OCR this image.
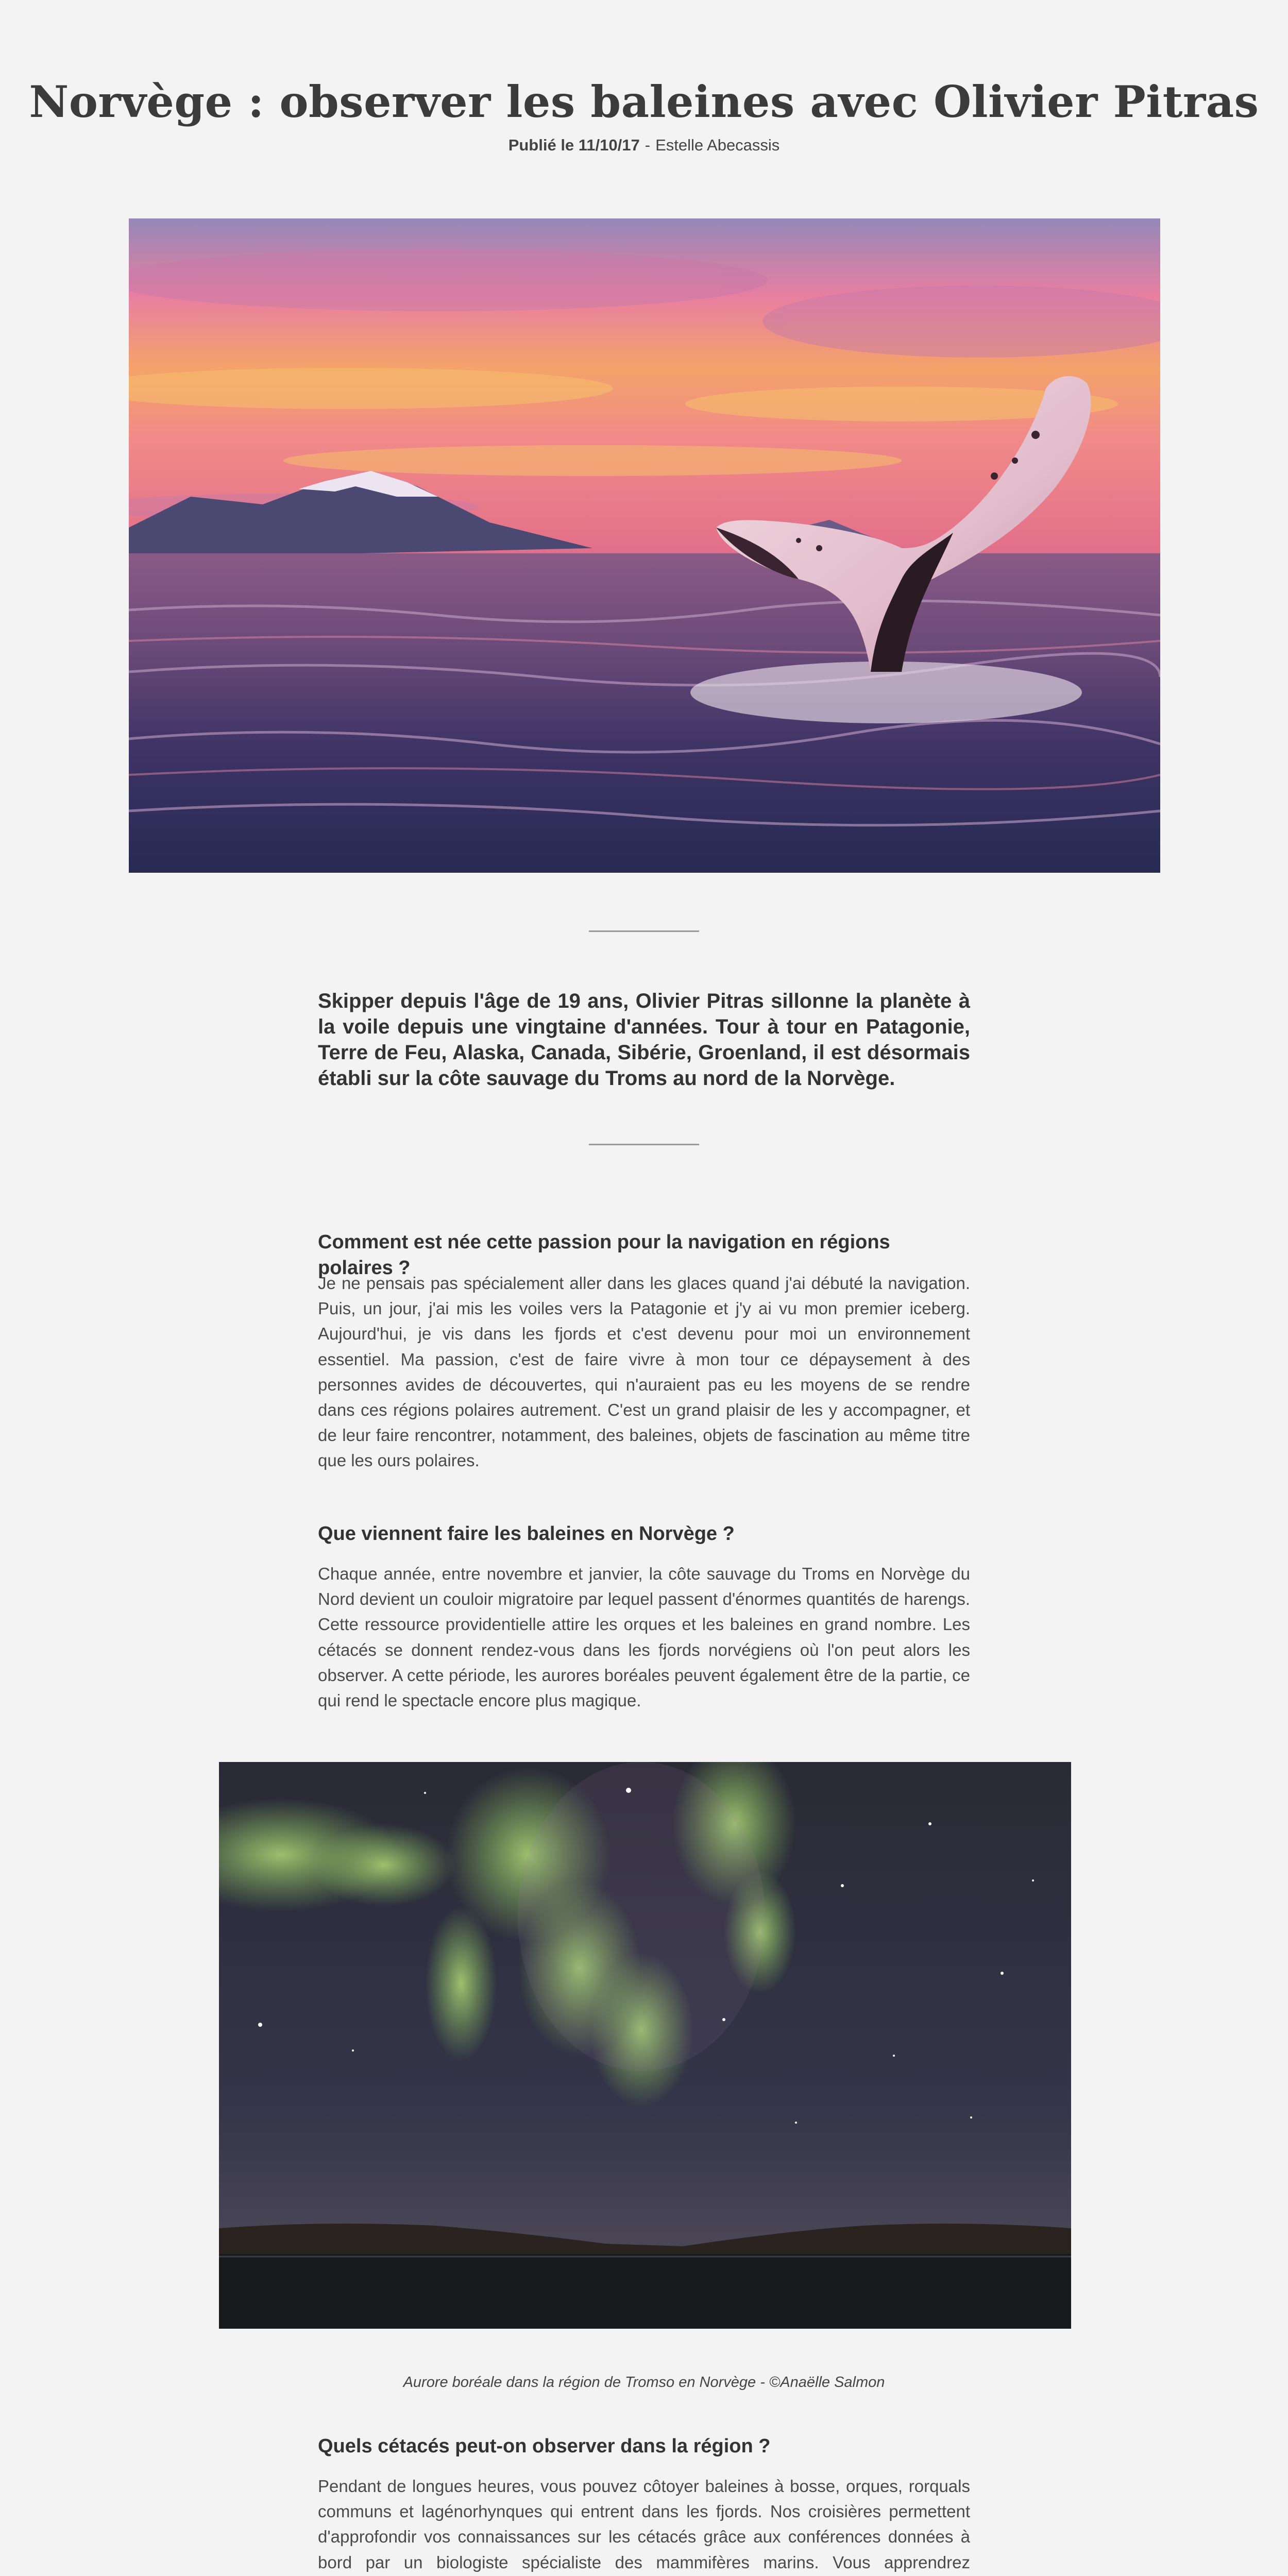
Norvège : observer les baleines avec Olivier Pitras
Publié le 11/10/17 - Estelle Abecassis

Skipper depuis l'âge de 19 ans, Olivier Pitras sillonne la planète à la voile depuis une vingtaine d'années. Tour à tour en Patagonie, Terre de Feu, Alaska, Canada, Sibérie, Groenland, il est désormais établi sur la côte sauvage du Troms au nord de la Norvège.

Comment est née cette passion pour la navigation en régions polaires ?

Je ne pensais pas spécialement aller dans les glaces quand j'ai débuté la navigation. Puis, un jour, j'ai mis les voiles vers la Patagonie et j'y ai vu mon premier iceberg. Aujourd'hui, je vis dans les fjords et c'est devenu pour moi un environnement essentiel. Ma passion, c'est de faire vivre à mon tour ce dépaysement à des personnes avides de découvertes, qui n'auraient pas eu les moyens de se rendre dans ces régions polaires autrement. C'est un grand plaisir de les y accompagner, et de leur faire rencontrer, notamment, des baleines, objets de fascination au même titre que les ours polaires.

Que viennent faire les baleines en Norvège ?

Chaque année, entre novembre et janvier, la côte sauvage du Troms en Norvège du Nord devient un couloir migratoire par lequel passent d'énormes quantités de harengs. Cette ressource providentielle attire les orques et les baleines en grand nombre. Les cétacés se donnent rendez-vous dans les fjords norvégiens où l'on peut alors les observer. A cette période, les aurores boréales peuvent également être de la partie, ce qui rend le spectacle encore plus magique.

Aurore boréale dans la région de Tromso en Norvège - ©Anaëlle Salmon
Quels cétacés peut-on observer dans la région ?

Pendant de longues heures, vous pouvez côtoyer baleines à bosse, orques, rorquals communs et lagénorhynques qui entrent dans les fjords. Nos croisières permettent d'approfondir vos connaissances sur les cétacés grâce aux conférences données à bord par un biologiste spécialiste des mammifères marins. Vous apprendrez
